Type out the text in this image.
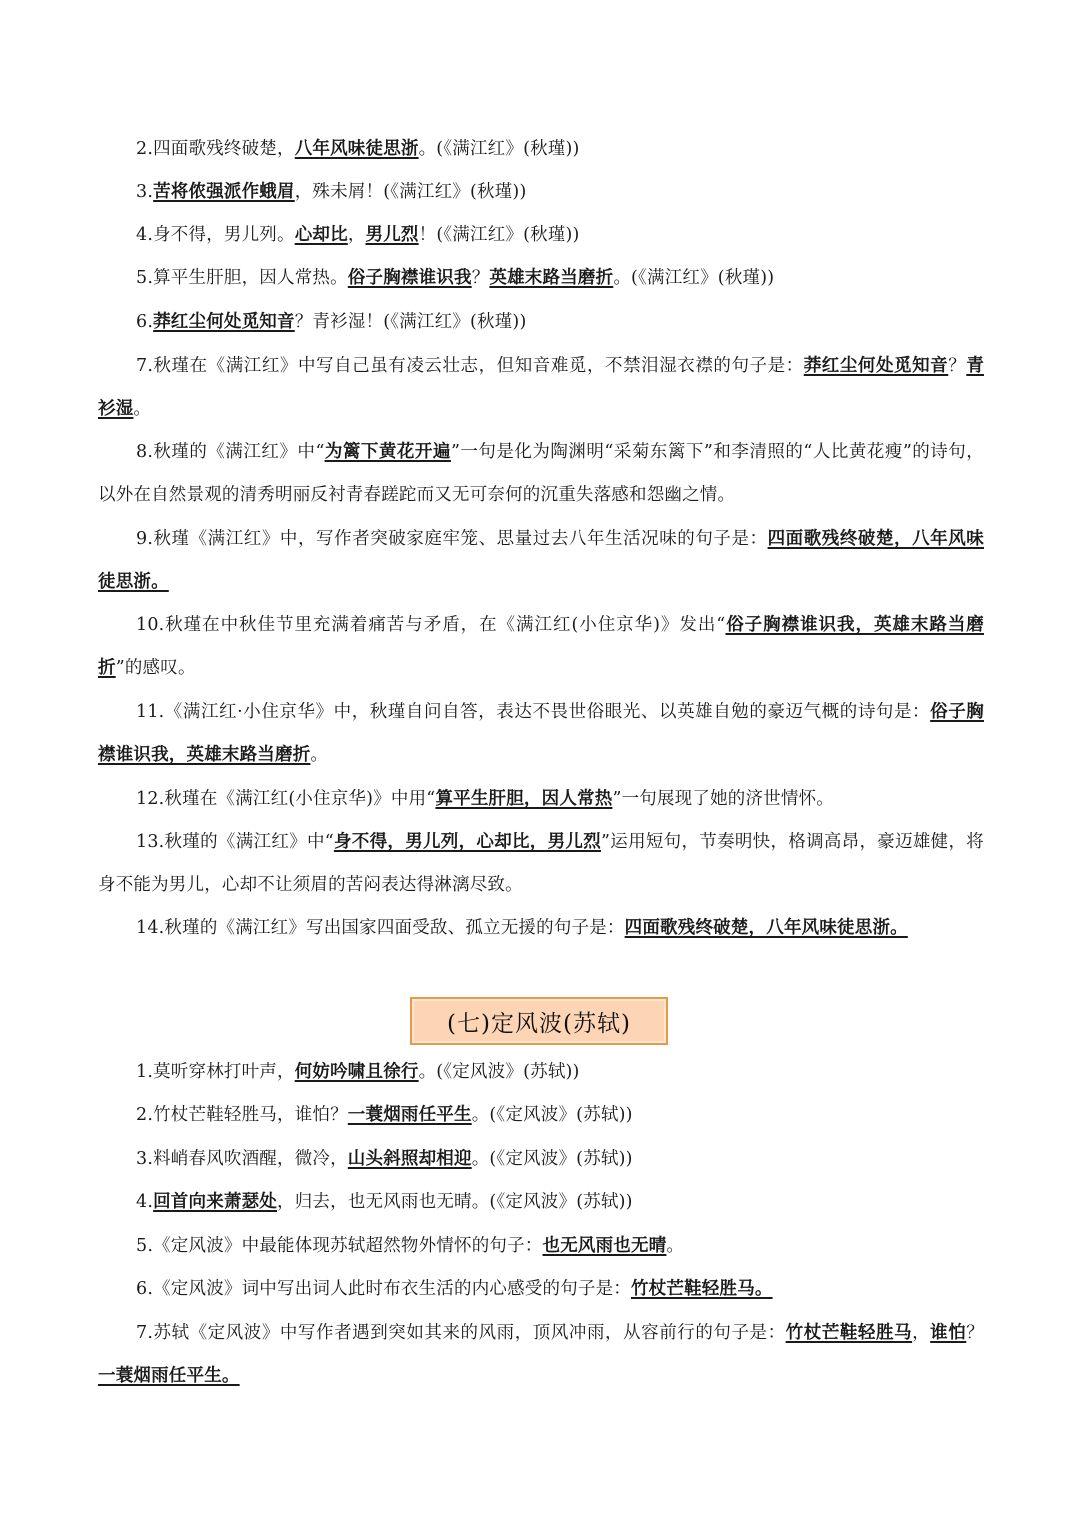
2.四面歌残终破楚，八年风味徒思浙。(《满江红》(秋瑾))

3.苦将侬强派作蛾眉，殊未屑！(《满江红》(秋瑾))

4.身不得，男儿列。心却比，男儿烈！(《满江红》(秋瑾))

5.算平生肝胆，因人常热。俗子胸襟谁识我？英雄末路当磨折。(《满江红》(秋瑾))

6.莽红尘何处觅知音？青衫湿！(《满江红》(秋瑾))

7.秋瑾在《满江红》中写自己虽有凌云壮志，但知音难觅，不禁泪湿衣襟的句子是：莽红尘何处觅知音？青衫湿。

8.秋瑾的《满江红》中“为篱下黄花开遍”一句是化为陶渊明“采菊东篱下”和李清照的“人比黄花瘦”的诗句，以外在自然景观的清秀明丽反衬青春蹉跎而又无可奈何的沉重失落感和怨幽之情。

9.秋瑾《满江红》中，写作者突破家庭牢笼、思量过去八年生活况味的句子是：四面歌残终破楚，八年风味徒思浙。

10.秋瑾在中秋佳节里充满着痛苦与矛盾，在《满江红(小住京华)》发出“俗子胸襟谁识我，英雄末路当磨折”的感叹。

11.《满江红·小住京华》中，秋瑾自问自答，表达不畏世俗眼光、以英雄自勉的豪迈气概的诗句是：俗子胸襟谁识我，英雄末路当磨折。

12.秋瑾在《满江红(小住京华)》中用“算平生肝胆，因人常热”一句展现了她的济世情怀。

13.秋瑾的《满江红》中“身不得，男儿列，心却比，男儿烈”运用短句，节奏明快，格调高昂，豪迈雄健，将身不能为男儿，心却不让须眉的苦闷表达得淋漓尽致。

14.秋瑾的《满江红》写出国家四面受敌、孤立无援的句子是：四面歌残终破楚，八年风味徒思浙。

(七)定风波(苏轼)

1.莫听穿林打叶声，何妨吟啸且徐行。(《定风波》(苏轼))

2.竹杖芒鞋轻胜马，谁怕？一蓑烟雨任平生。(《定风波》(苏轼))

3.料峭春风吹酒醒，微冷，山头斜照却相迎。(《定风波》(苏轼))

4.回首向来萧瑟处，归去，也无风雨也无晴。(《定风波》(苏轼))

5.《定风波》中最能体现苏轼超然物外情怀的句子：也无风雨也无晴。

6.《定风波》词中写出词人此时布衣生活的内心感受的句子是：竹杖芒鞋轻胜马。

7.苏轼《定风波》中写作者遇到突如其来的风雨，顶风冲雨，从容前行的句子是：竹杖芒鞋轻胜马，谁怕？一蓑烟雨任平生。
